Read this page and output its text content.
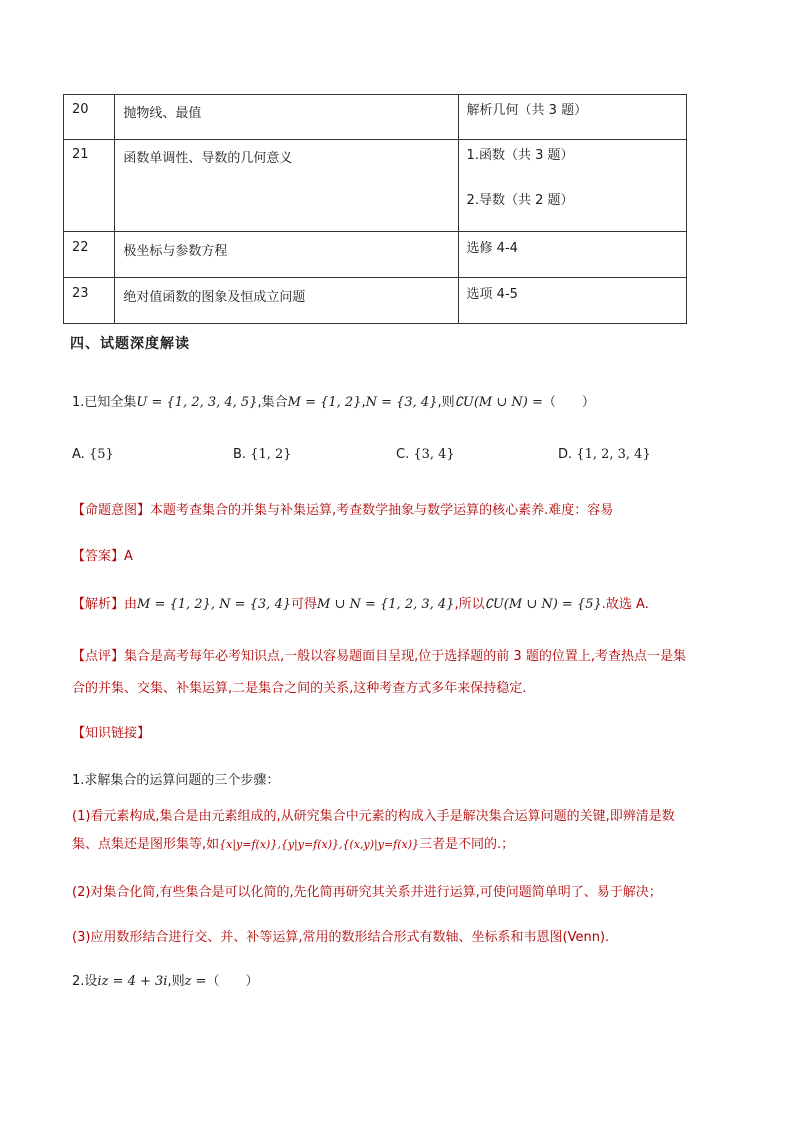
20	抛物线、最值	解析几何（共 3 题）

21	函数单调性、导数的几何意义	1.函数（共 3 题）
2.导数（共 2 题）

22	极坐标与参数方程	选修 4-4

23	绝对值函数的图象及恒成立问题	选项 4-5
四、试题深度解读
1.已知全集U = {1, 2, 3, 4, 5},集合M = {1, 2},N = {3, 4},则∁U(M ∪ N) =（　　）
A. {5}	B. {1, 2}	C. {3, 4}	D. {1, 2, 3, 4}
【命题意图】本题考查集合的并集与补集运算,考查数学抽象与数学运算的核心素养.难度：容易
【答案】A
【解析】由M = {1, 2}, N = {3, 4}可得M ∪ N = {1, 2, 3, 4},所以∁U(M ∪ N) = {5}.故选 A.
【点评】集合是高考每年必考知识点,一般以容易题面目呈现,位于选择题的前 3 题的位置上,考查热点一是集
合的并集、交集、补集运算,二是集合之间的关系,这种考查方式多年来保持稳定.
【知识链接】
1.求解集合的运算问题的三个步骤：
(1)看元素构成,集合是由元素组成的,从研究集合中元素的构成入手是解决集合运算问题的关键,即辨清是数
集、点集还是图形集等,如{x|y=f(x)},{y|y=f(x)},{(x,y)|y=f(x)}三者是不同的.；
(2)对集合化简,有些集合是可以化简的,先化简再研究其关系并进行运算,可使问题简单明了、易于解决；
(3)应用数形结合进行交、并、补等运算,常用的数形结合形式有数轴、坐标系和韦恩图(Venn).
2.设iz = 4 + 3i,则z =（　　）
